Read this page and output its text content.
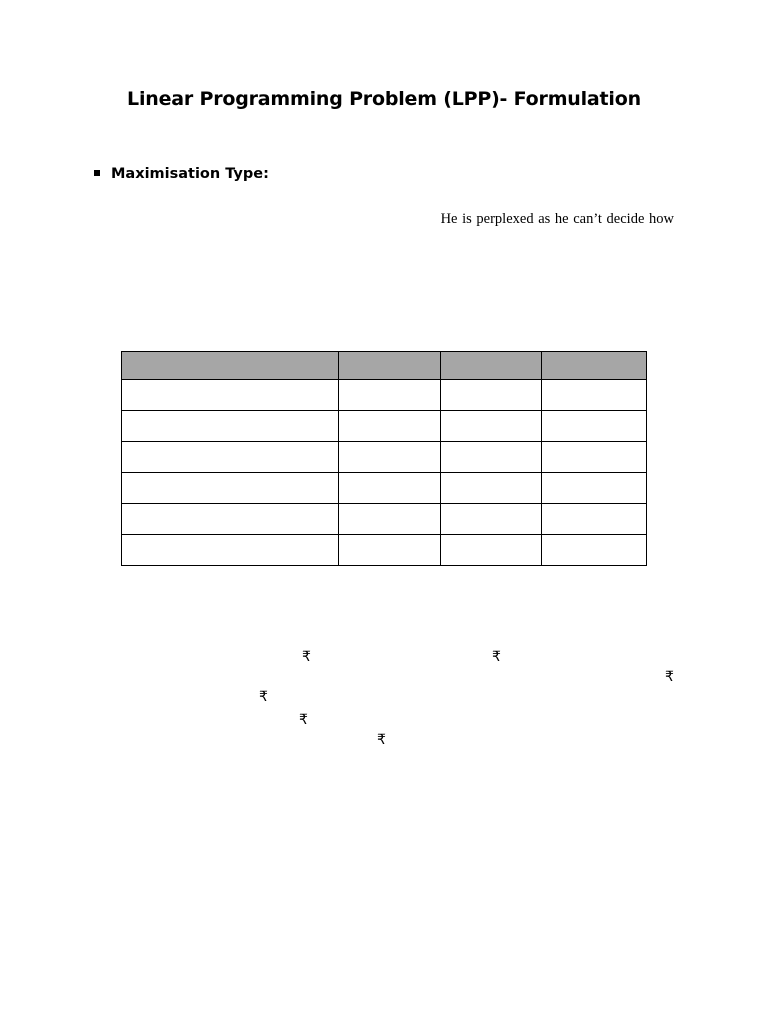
Linear Programming Problem (LPP)- Formulation
Maximisation Type:
He is perplexed as he can’t decide how

₹	₹
₹
₹
₹
₹
